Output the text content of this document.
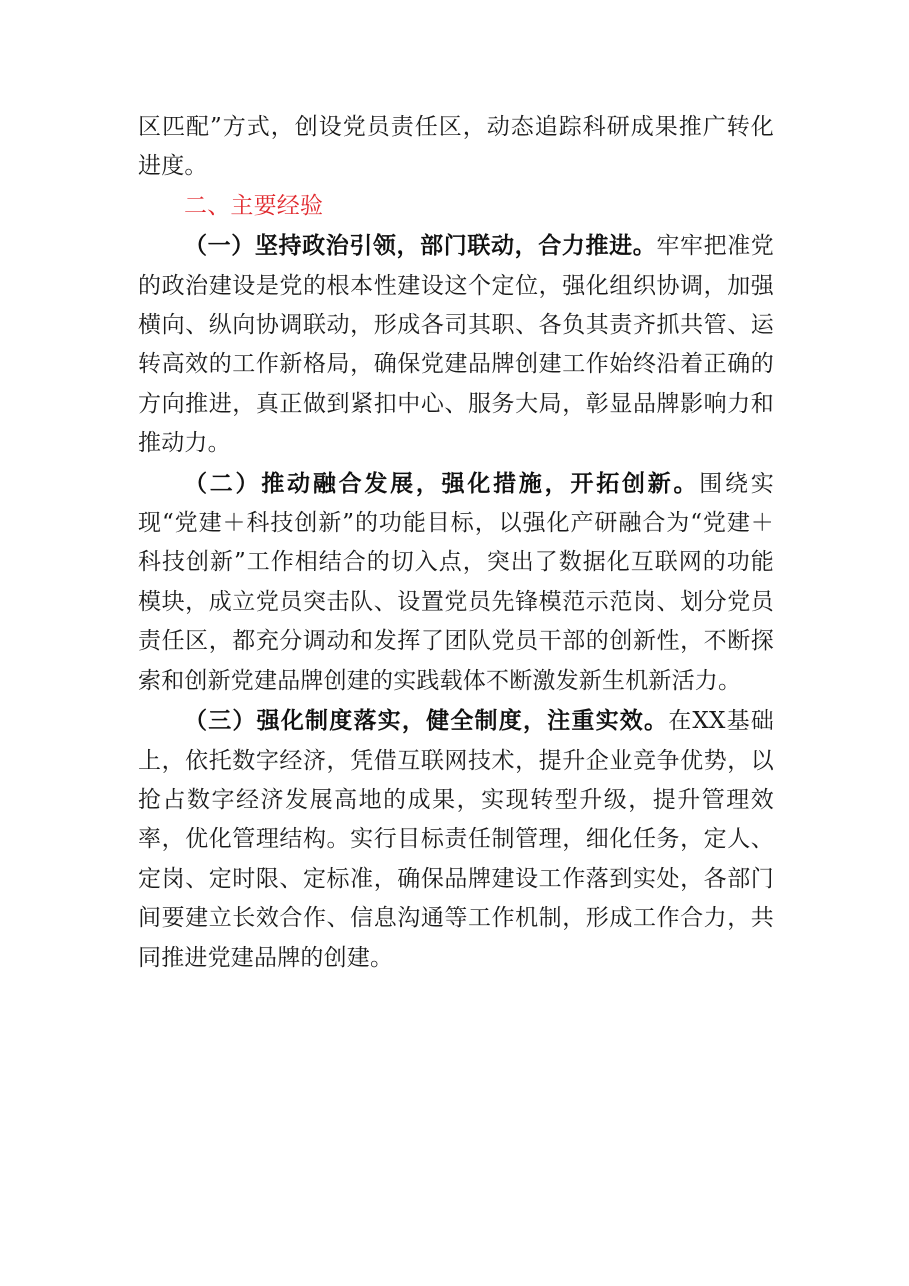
区匹配”方式，创设党员责任区，动态追踪科研成果推广转化进度。

二、主要经验

（一）坚持政治引领，部门联动，合力推进。牢牢把准党的政治建设是党的根本性建设这个定位，强化组织协调，加强横向、纵向协调联动，形成各司其职、各负其责齐抓共管、运转高效的工作新格局，确保党建品牌创建工作始终沿着正确的方向推进，真正做到紧扣中心、服务大局，彰显品牌影响力和推动力。

（二）推动融合发展，强化措施，开拓创新。围绕实现“党建＋科技创新”的功能目标，以强化产研融合为“党建＋科技创新”工作相结合的切入点，突出了数据化互联网的功能模块，成立党员突击队、设置党员先锋模范示范岗、划分党员责任区，都充分调动和发挥了团队党员干部的创新性，不断探索和创新党建品牌创建的实践载体不断激发新生机新活力。

（三）强化制度落实，健全制度，注重实效。在XX基础上，依托数字经济，凭借互联网技术，提升企业竞争优势，以抢占数字经济发展高地的成果，实现转型升级，提升管理效率，优化管理结构。实行目标责任制管理，细化任务，定人、定岗、定时限、定标准，确保品牌建设工作落到实处，各部门间要建立长效合作、信息沟通等工作机制，形成工作合力，共同推进党建品牌的创建。
